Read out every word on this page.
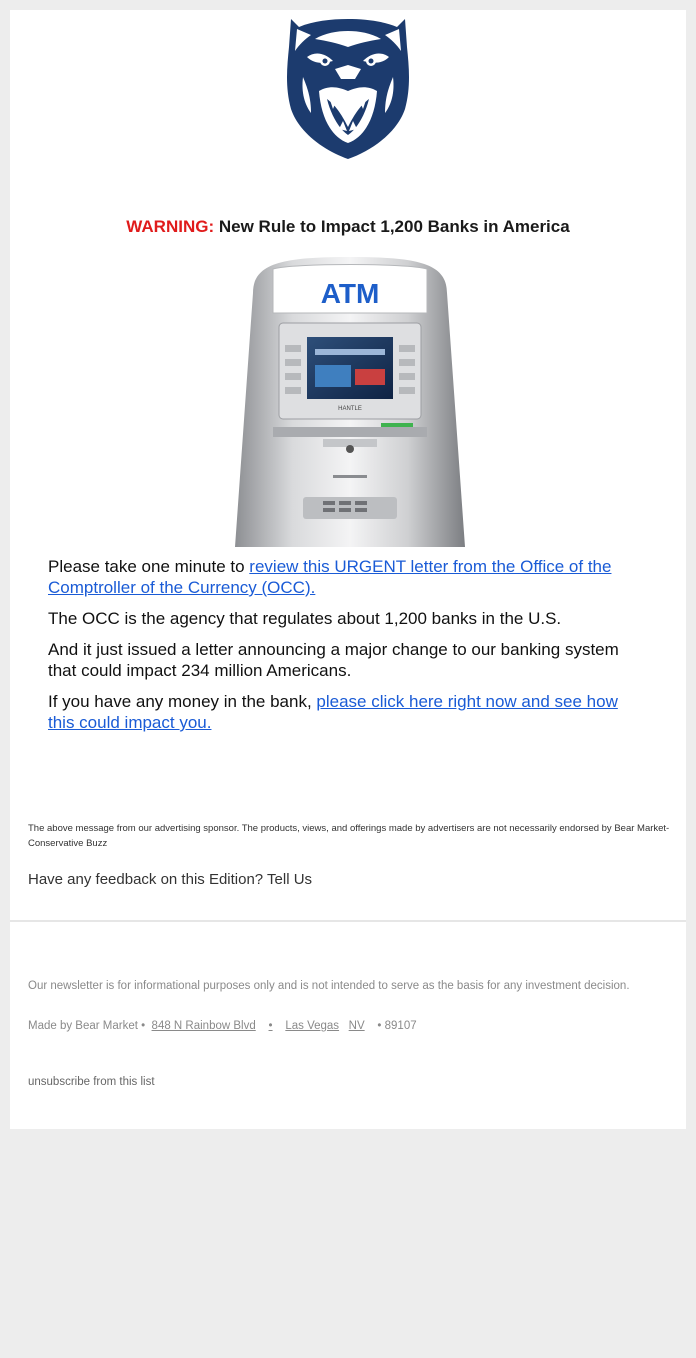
WARNING: New Rule to Impact 1,200 Banks in America
ATM
HANTLE
Please take one minute to review this URGENT letter from the Office of the Comptroller of the Currency (OCC).
The OCC is the agency that regulates about 1,200 banks in the U.S.
And it just issued a letter announcing a major change to our banking system that could impact 234 million Americans.
If you have any money in the bank, please click here right now and see how this could impact you.
The above message from our advertising sponsor. The products, views, and offerings made by advertisers are not necessarily endorsed by Bear Market- Conservative Buzz
Have any feedback on this Edition? Tell Us
Our newsletter is for informational purposes only and is not intended to serve as the basis for any investment decision.
Made by Bear Market • 848 N Rainbow Blvd • Las Vegas NV • 89107
unsubscribe from this list
